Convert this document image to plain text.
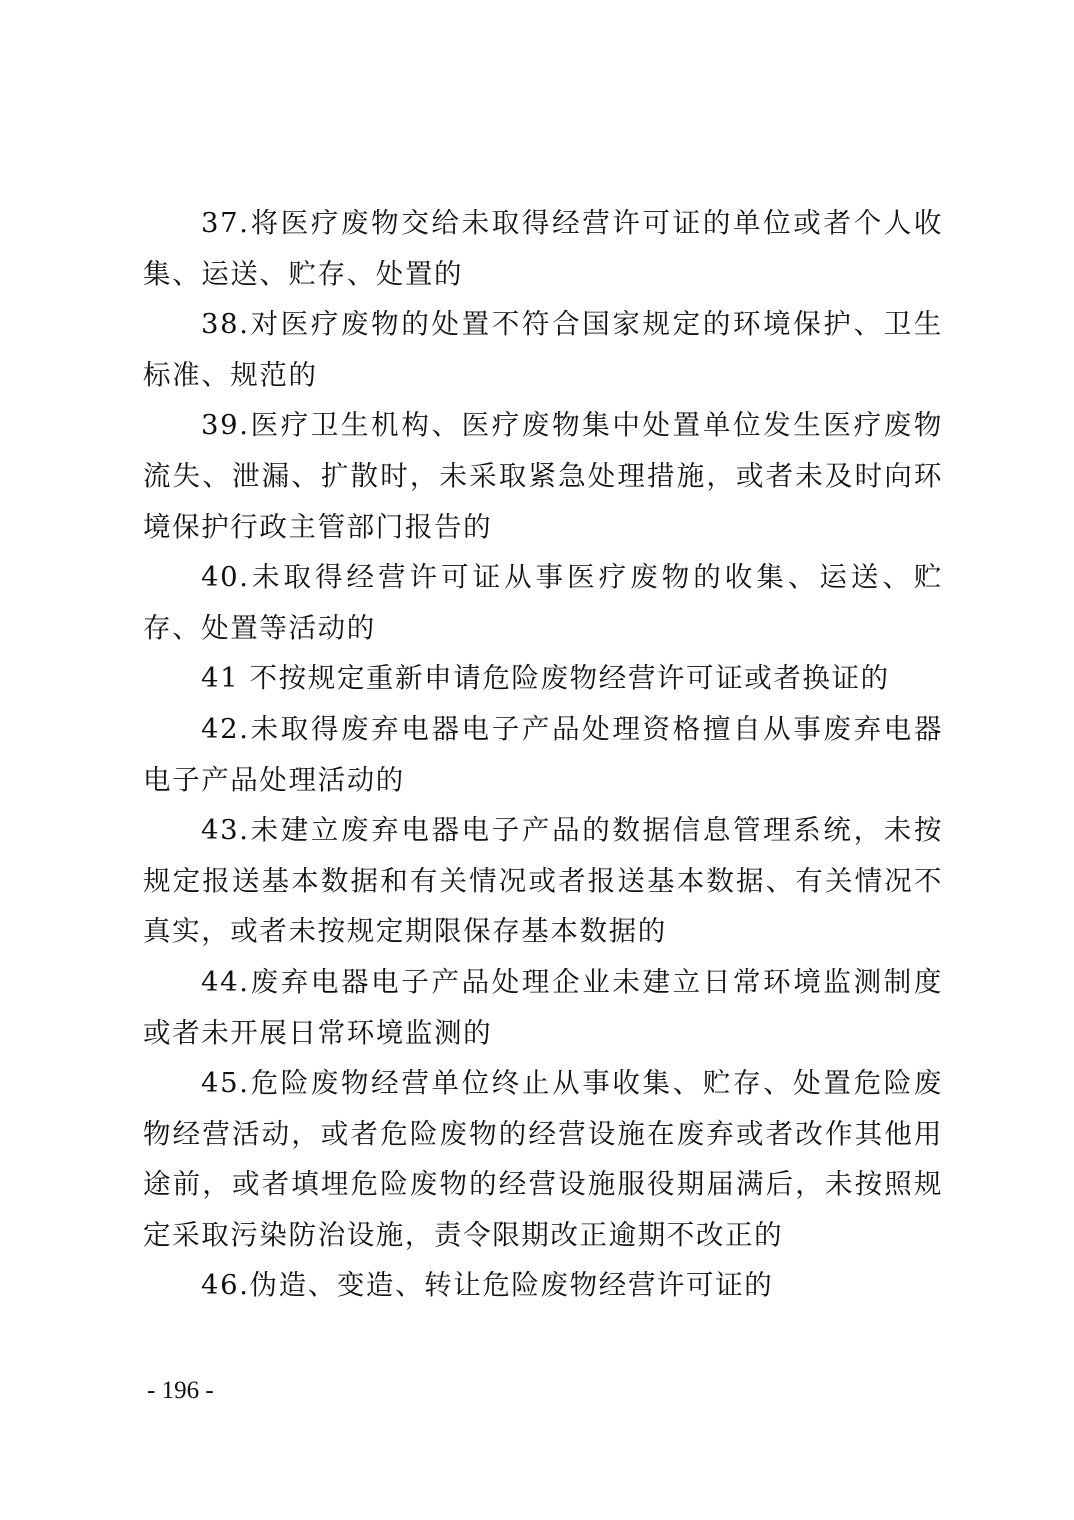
37.将医疗废物交给未取得经营许可证的单位或者个人收集、运送、贮存、处置的

38.对医疗废物的处置不符合国家规定的环境保护、卫生标准、规范的

39.医疗卫生机构、医疗废物集中处置单位发生医疗废物流失、泄漏、扩散时，未采取紧急处理措施，或者未及时向环境保护行政主管部门报告的

40.未取得经营许可证从事医疗废物的收集、运送、贮存、处置等活动的

41 不按规定重新申请危险废物经营许可证或者换证的

42.未取得废弃电器电子产品处理资格擅自从事废弃电器电子产品处理活动的

43.未建立废弃电器电子产品的数据信息管理系统，未按规定报送基本数据和有关情况或者报送基本数据、有关情况不真实，或者未按规定期限保存基本数据的

44.废弃电器电子产品处理企业未建立日常环境监测制度或者未开展日常环境监测的

45.危险废物经营单位终止从事收集、贮存、处置危险废物经营活动，或者危险废物的经营设施在废弃或者改作其他用途前，或者填埋危险废物的经营设施服役期届满后，未按照规定采取污染防治设施，责令限期改正逾期不改正的

46.伪造、变造、转让危险废物经营许可证的

- 196 -
